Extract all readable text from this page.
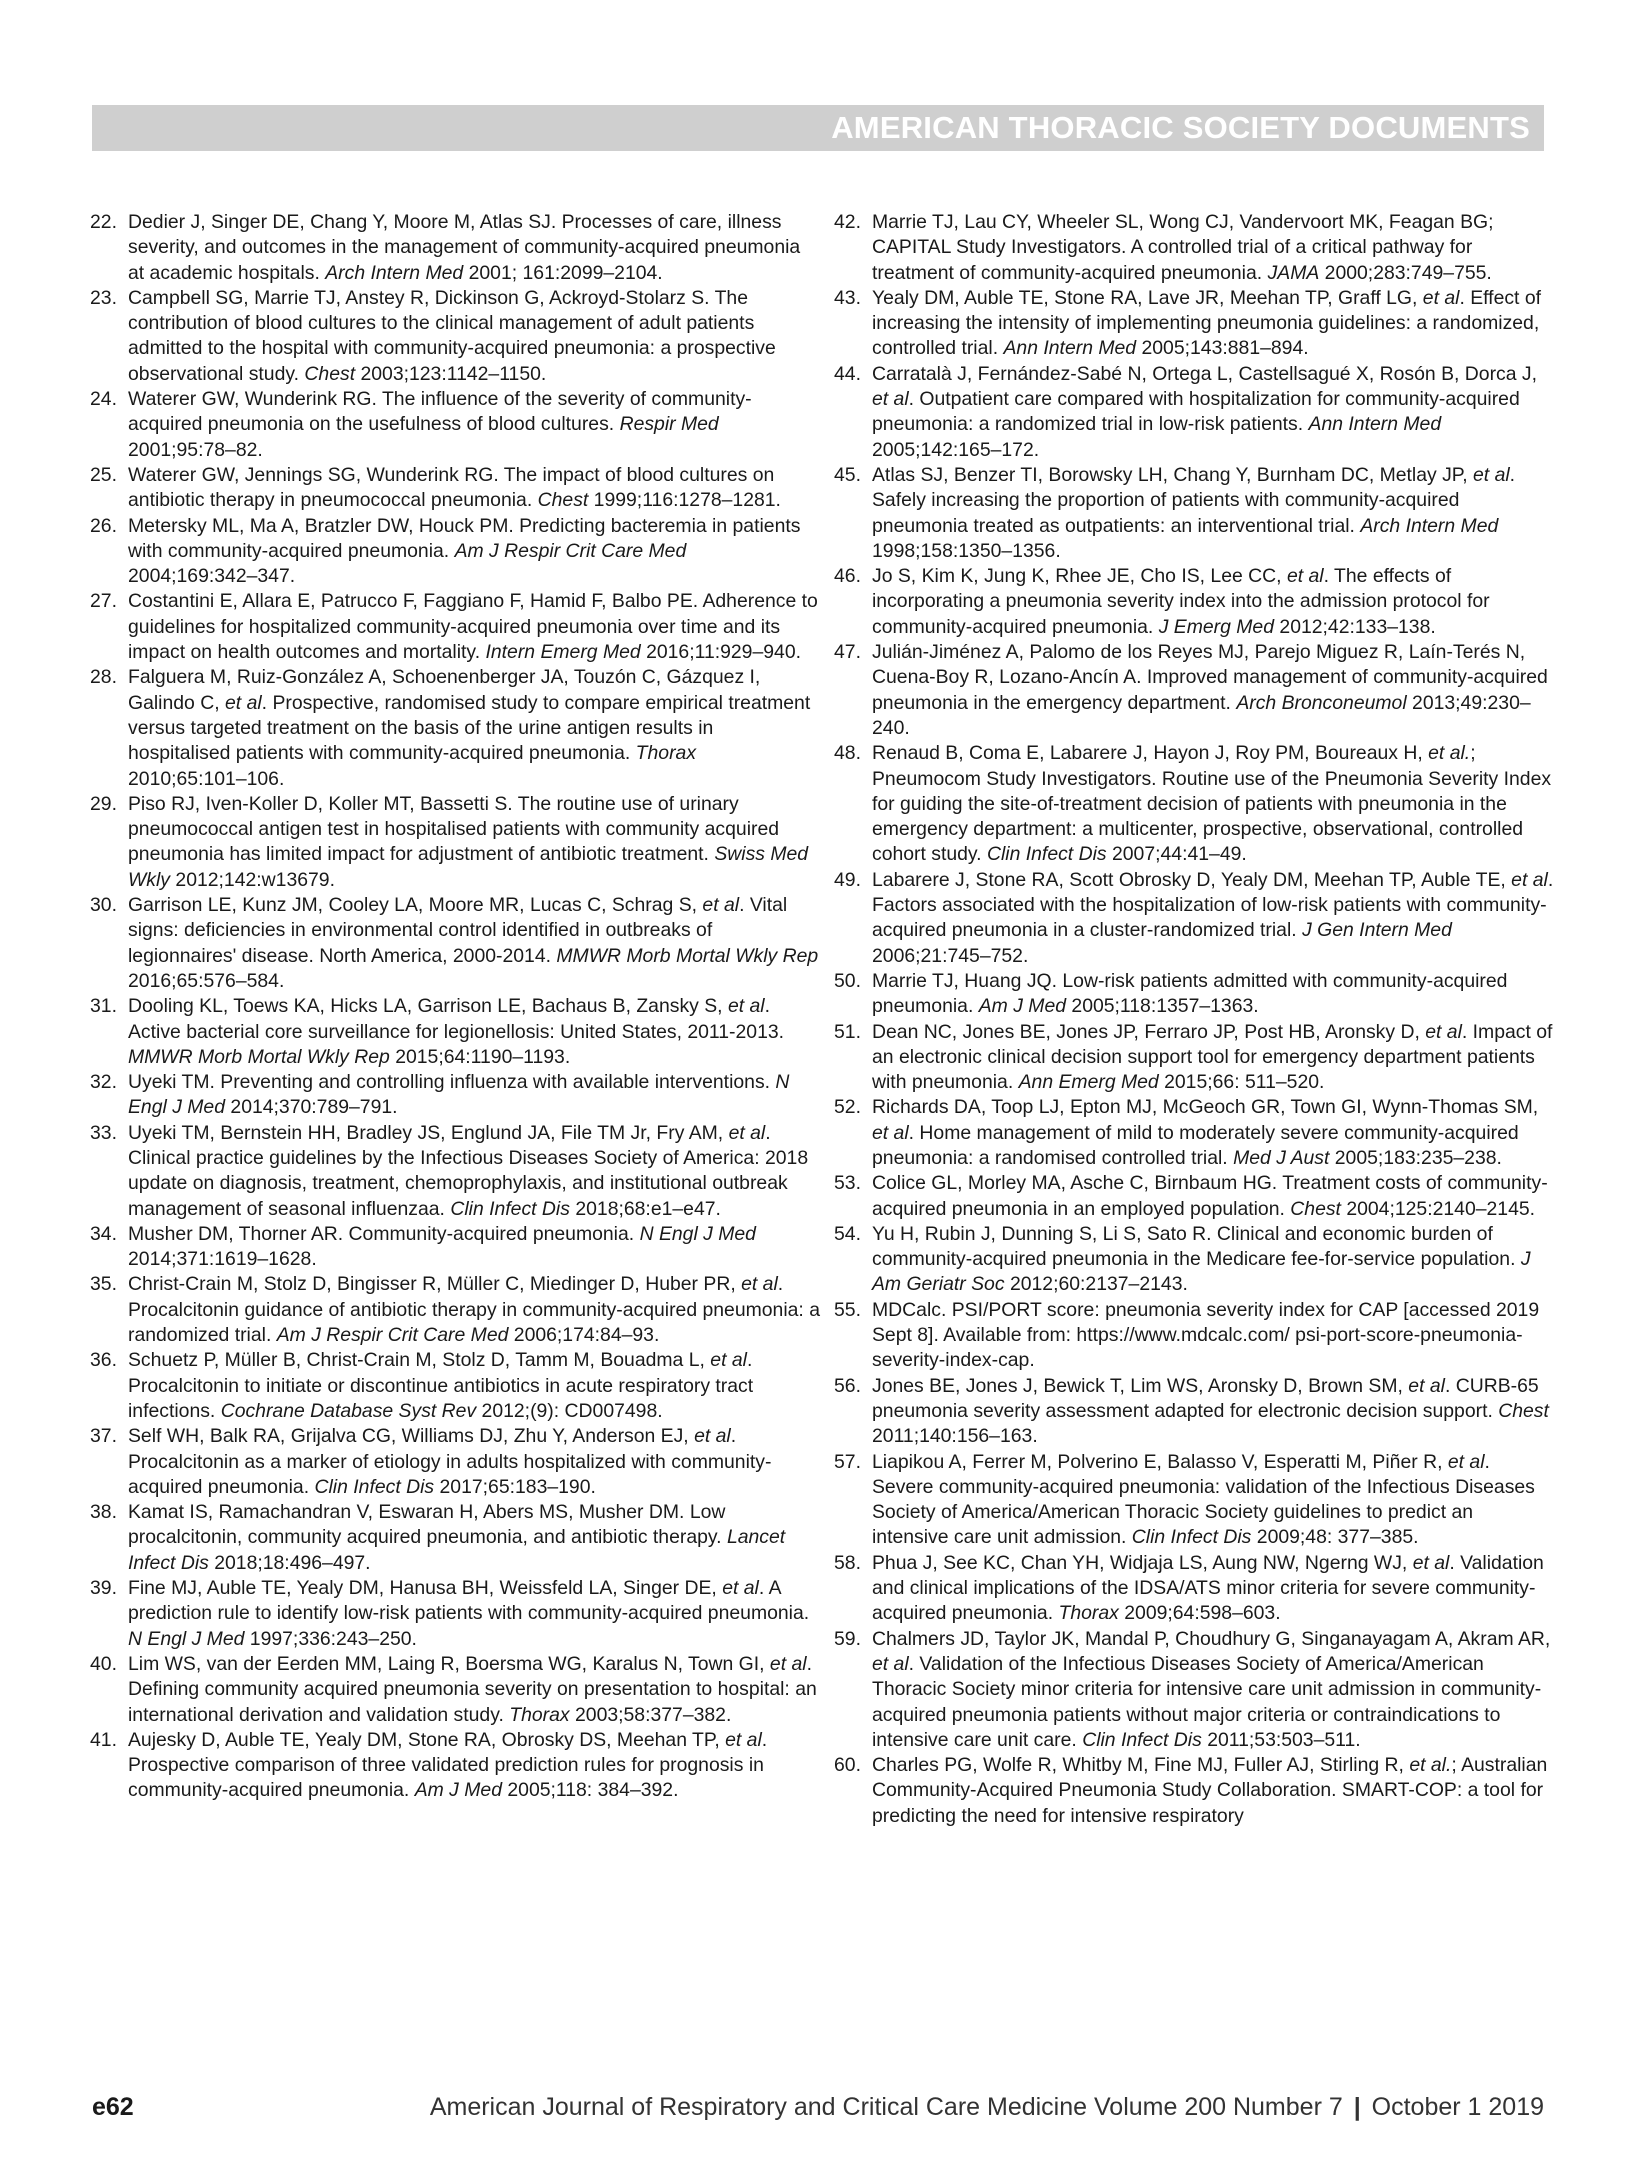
AMERICAN THORACIC SOCIETY DOCUMENTS
22. Dedier J, Singer DE, Chang Y, Moore M, Atlas SJ. Processes of care, illness severity, and outcomes in the management of community-acquired pneumonia at academic hospitals. Arch Intern Med 2001; 161:2099–2104.
23. Campbell SG, Marrie TJ, Anstey R, Dickinson G, Ackroyd-Stolarz S. The contribution of blood cultures to the clinical management of adult patients admitted to the hospital with community-acquired pneumonia: a prospective observational study. Chest 2003;123:1142–1150.
24. Waterer GW, Wunderink RG. The influence of the severity of community-acquired pneumonia on the usefulness of blood cultures. Respir Med 2001;95:78–82.
25. Waterer GW, Jennings SG, Wunderink RG. The impact of blood cultures on antibiotic therapy in pneumococcal pneumonia. Chest 1999;116:1278–1281.
26. Metersky ML, Ma A, Bratzler DW, Houck PM. Predicting bacteremia in patients with community-acquired pneumonia. Am J Respir Crit Care Med 2004;169:342–347.
27. Costantini E, Allara E, Patrucco F, Faggiano F, Hamid F, Balbo PE. Adherence to guidelines for hospitalized community-acquired pneumonia over time and its impact on health outcomes and mortality. Intern Emerg Med 2016;11:929–940.
28. Falguera M, Ruiz-González A, Schoenenberger JA, Touzón C, Gázquez I, Galindo C, et al. Prospective, randomised study to compare empirical treatment versus targeted treatment on the basis of the urine antigen results in hospitalised patients with community-acquired pneumonia. Thorax 2010;65:101–106.
29. Piso RJ, Iven-Koller D, Koller MT, Bassetti S. The routine use of urinary pneumococcal antigen test in hospitalised patients with community acquired pneumonia has limited impact for adjustment of antibiotic treatment. Swiss Med Wkly 2012;142:w13679.
30. Garrison LE, Kunz JM, Cooley LA, Moore MR, Lucas C, Schrag S, et al. Vital signs: deficiencies in environmental control identified in outbreaks of legionnaires' disease. North America, 2000-2014. MMWR Morb Mortal Wkly Rep 2016;65:576–584.
31. Dooling KL, Toews KA, Hicks LA, Garrison LE, Bachaus B, Zansky S, et al. Active bacterial core surveillance for legionellosis: United States, 2011-2013. MMWR Morb Mortal Wkly Rep 2015;64:1190–1193.
32. Uyeki TM. Preventing and controlling influenza with available interventions. N Engl J Med 2014;370:789–791.
33. Uyeki TM, Bernstein HH, Bradley JS, Englund JA, File TM Jr, Fry AM, et al. Clinical practice guidelines by the Infectious Diseases Society of America: 2018 update on diagnosis, treatment, chemoprophylaxis, and institutional outbreak management of seasonal influenzaa. Clin Infect Dis 2018;68:e1–e47.
34. Musher DM, Thorner AR. Community-acquired pneumonia. N Engl J Med 2014;371:1619–1628.
35. Christ-Crain M, Stolz D, Bingisser R, Müller C, Miedinger D, Huber PR, et al. Procalcitonin guidance of antibiotic therapy in community-acquired pneumonia: a randomized trial. Am J Respir Crit Care Med 2006;174:84–93.
36. Schuetz P, Müller B, Christ-Crain M, Stolz D, Tamm M, Bouadma L, et al. Procalcitonin to initiate or discontinue antibiotics in acute respiratory tract infections. Cochrane Database Syst Rev 2012;(9): CD007498.
37. Self WH, Balk RA, Grijalva CG, Williams DJ, Zhu Y, Anderson EJ, et al. Procalcitonin as a marker of etiology in adults hospitalized with community-acquired pneumonia. Clin Infect Dis 2017;65:183–190.
38. Kamat IS, Ramachandran V, Eswaran H, Abers MS, Musher DM. Low procalcitonin, community acquired pneumonia, and antibiotic therapy. Lancet Infect Dis 2018;18:496–497.
39. Fine MJ, Auble TE, Yealy DM, Hanusa BH, Weissfeld LA, Singer DE, et al. A prediction rule to identify low-risk patients with community-acquired pneumonia. N Engl J Med 1997;336:243–250.
40. Lim WS, van der Eerden MM, Laing R, Boersma WG, Karalus N, Town GI, et al. Defining community acquired pneumonia severity on presentation to hospital: an international derivation and validation study. Thorax 2003;58:377–382.
41. Aujesky D, Auble TE, Yealy DM, Stone RA, Obrosky DS, Meehan TP, et al. Prospective comparison of three validated prediction rules for prognosis in community-acquired pneumonia. Am J Med 2005;118: 384–392.
42. Marrie TJ, Lau CY, Wheeler SL, Wong CJ, Vandervoort MK, Feagan BG; CAPITAL Study Investigators. A controlled trial of a critical pathway for treatment of community-acquired pneumonia. JAMA 2000;283:749–755.
43. Yealy DM, Auble TE, Stone RA, Lave JR, Meehan TP, Graff LG, et al. Effect of increasing the intensity of implementing pneumonia guidelines: a randomized, controlled trial. Ann Intern Med 2005;143:881–894.
44. Carratalà J, Fernández-Sabé N, Ortega L, Castellsagué X, Rosón B, Dorca J, et al. Outpatient care compared with hospitalization for community-acquired pneumonia: a randomized trial in low-risk patients. Ann Intern Med 2005;142:165–172.
45. Atlas SJ, Benzer TI, Borowsky LH, Chang Y, Burnham DC, Metlay JP, et al. Safely increasing the proportion of patients with community-acquired pneumonia treated as outpatients: an interventional trial. Arch Intern Med 1998;158:1350–1356.
46. Jo S, Kim K, Jung K, Rhee JE, Cho IS, Lee CC, et al. The effects of incorporating a pneumonia severity index into the admission protocol for community-acquired pneumonia. J Emerg Med 2012;42:133–138.
47. Julián-Jiménez A, Palomo de los Reyes MJ, Parejo Miguez R, Laín-Terés N, Cuena-Boy R, Lozano-Ancín A. Improved management of community-acquired pneumonia in the emergency department. Arch Bronconeumol 2013;49:230–240.
48. Renaud B, Coma E, Labarere J, Hayon J, Roy PM, Boureaux H, et al.; Pneumocom Study Investigators. Routine use of the Pneumonia Severity Index for guiding the site-of-treatment decision of patients with pneumonia in the emergency department: a multicenter, prospective, observational, controlled cohort study. Clin Infect Dis 2007;44:41–49.
49. Labarere J, Stone RA, Scott Obrosky D, Yealy DM, Meehan TP, Auble TE, et al. Factors associated with the hospitalization of low-risk patients with community-acquired pneumonia in a cluster-randomized trial. J Gen Intern Med 2006;21:745–752.
50. Marrie TJ, Huang JQ. Low-risk patients admitted with community-acquired pneumonia. Am J Med 2005;118:1357–1363.
51. Dean NC, Jones BE, Jones JP, Ferraro JP, Post HB, Aronsky D, et al. Impact of an electronic clinical decision support tool for emergency department patients with pneumonia. Ann Emerg Med 2015;66: 511–520.
52. Richards DA, Toop LJ, Epton MJ, McGeoch GR, Town GI, Wynn-Thomas SM, et al. Home management of mild to moderately severe community-acquired pneumonia: a randomised controlled trial. Med J Aust 2005;183:235–238.
53. Colice GL, Morley MA, Asche C, Birnbaum HG. Treatment costs of community-acquired pneumonia in an employed population. Chest 2004;125:2140–2145.
54. Yu H, Rubin J, Dunning S, Li S, Sato R. Clinical and economic burden of community-acquired pneumonia in the Medicare fee-for-service population. J Am Geriatr Soc 2012;60:2137–2143.
55. MDCalc. PSI/PORT score: pneumonia severity index for CAP [accessed 2019 Sept 8]. Available from: https://www.mdcalc.com/ psi-port-score-pneumonia-severity-index-cap.
56. Jones BE, Jones J, Bewick T, Lim WS, Aronsky D, Brown SM, et al. CURB-65 pneumonia severity assessment adapted for electronic decision support. Chest 2011;140:156–163.
57. Liapikou A, Ferrer M, Polverino E, Balasso V, Esperatti M, Piñer R, et al. Severe community-acquired pneumonia: validation of the Infectious Diseases Society of America/American Thoracic Society guidelines to predict an intensive care unit admission. Clin Infect Dis 2009;48: 377–385.
58. Phua J, See KC, Chan YH, Widjaja LS, Aung NW, Ngerng WJ, et al. Validation and clinical implications of the IDSA/ATS minor criteria for severe community-acquired pneumonia. Thorax 2009;64:598–603.
59. Chalmers JD, Taylor JK, Mandal P, Choudhury G, Singanayagam A, Akram AR, et al. Validation of the Infectious Diseases Society of America/American Thoracic Society minor criteria for intensive care unit admission in community-acquired pneumonia patients without major criteria or contraindications to intensive care unit care. Clin Infect Dis 2011;53:503–511.
60. Charles PG, Wolfe R, Whitby M, Fine MJ, Fuller AJ, Stirling R, et al.; Australian Community-Acquired Pneumonia Study Collaboration. SMART-COP: a tool for predicting the need for intensive respiratory
e62	American Journal of Respiratory and Critical Care Medicine Volume 200 Number 7 | October 1 2019
